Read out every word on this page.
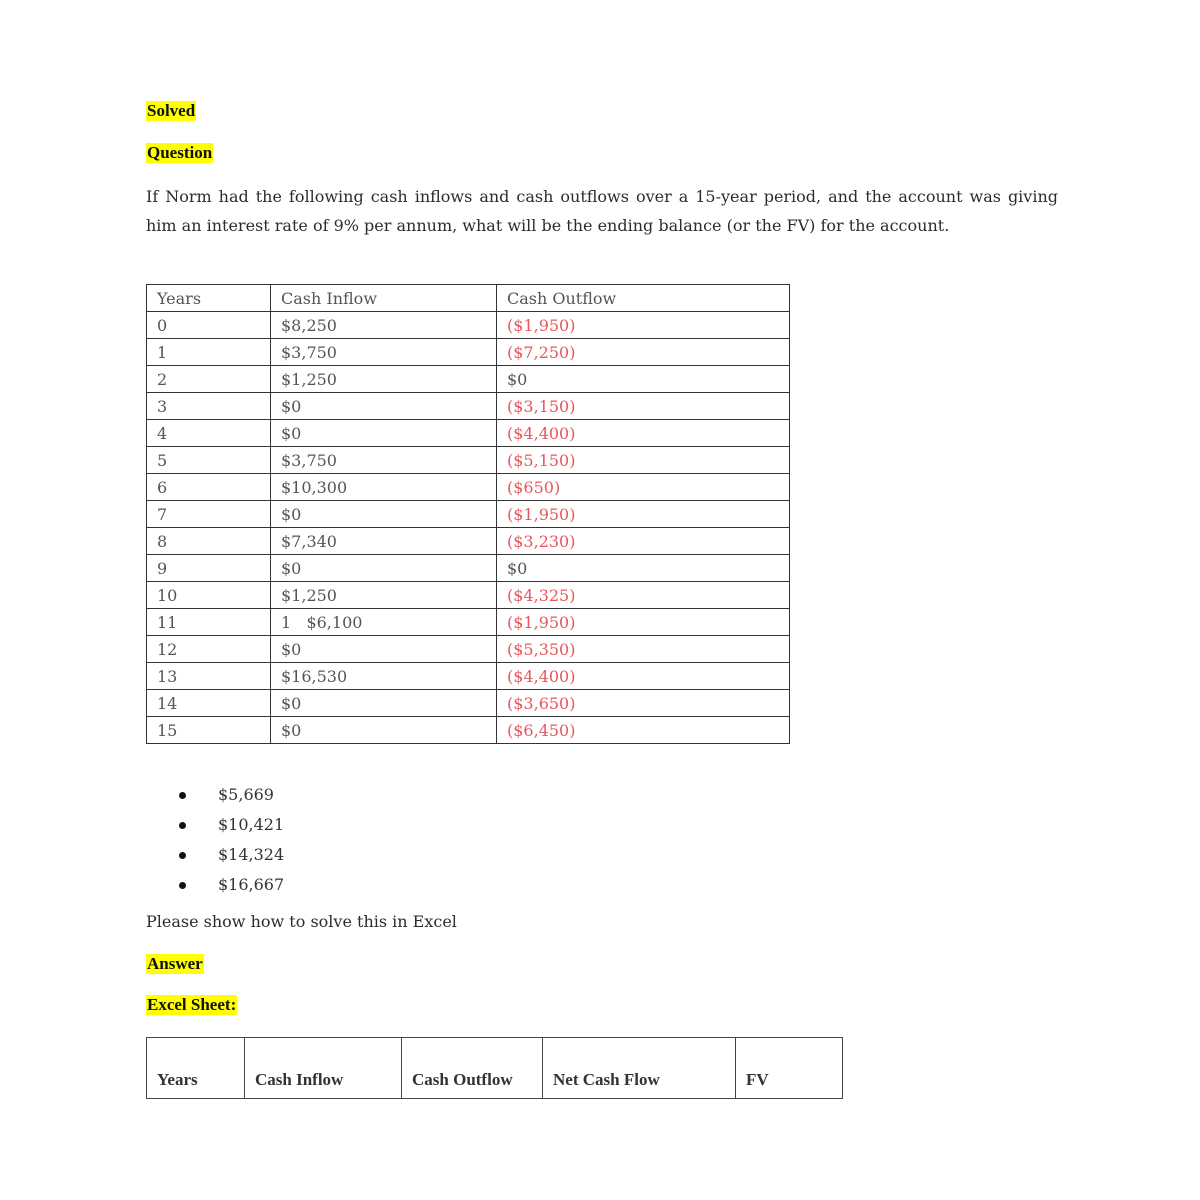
Solved
Question
If Norm had the following cash inflows and cash outflows over a 15-year period, and the account was giving him an interest rate of 9% per annum, what will be the ending balance (or the FV) for the account.
Years	Cash Inflow	Cash Outflow
0	$8,250	($1,950)
1	$3,750	($7,250)
2	$1,250	$0
3	$0	($3,150)
4	$0	($4,400)
5	$3,750	($5,150)
6	$10,300	($650)
7	$0	($1,950)
8	$7,340	($3,230)
9	$0	$0
10	$1,250	($4,325)
11	1   $6,100	($1,950)
12	$0	($5,350)
13	$16,530	($4,400)
14	$0	($3,650)
15	$0	($6,450)
$5,669
$10,421
$14,324
$16,667
Please show how to solve this in Excel
Answer
Excel Sheet:
Years	Cash Inflow	Cash Outflow	Net Cash Flow	FV
